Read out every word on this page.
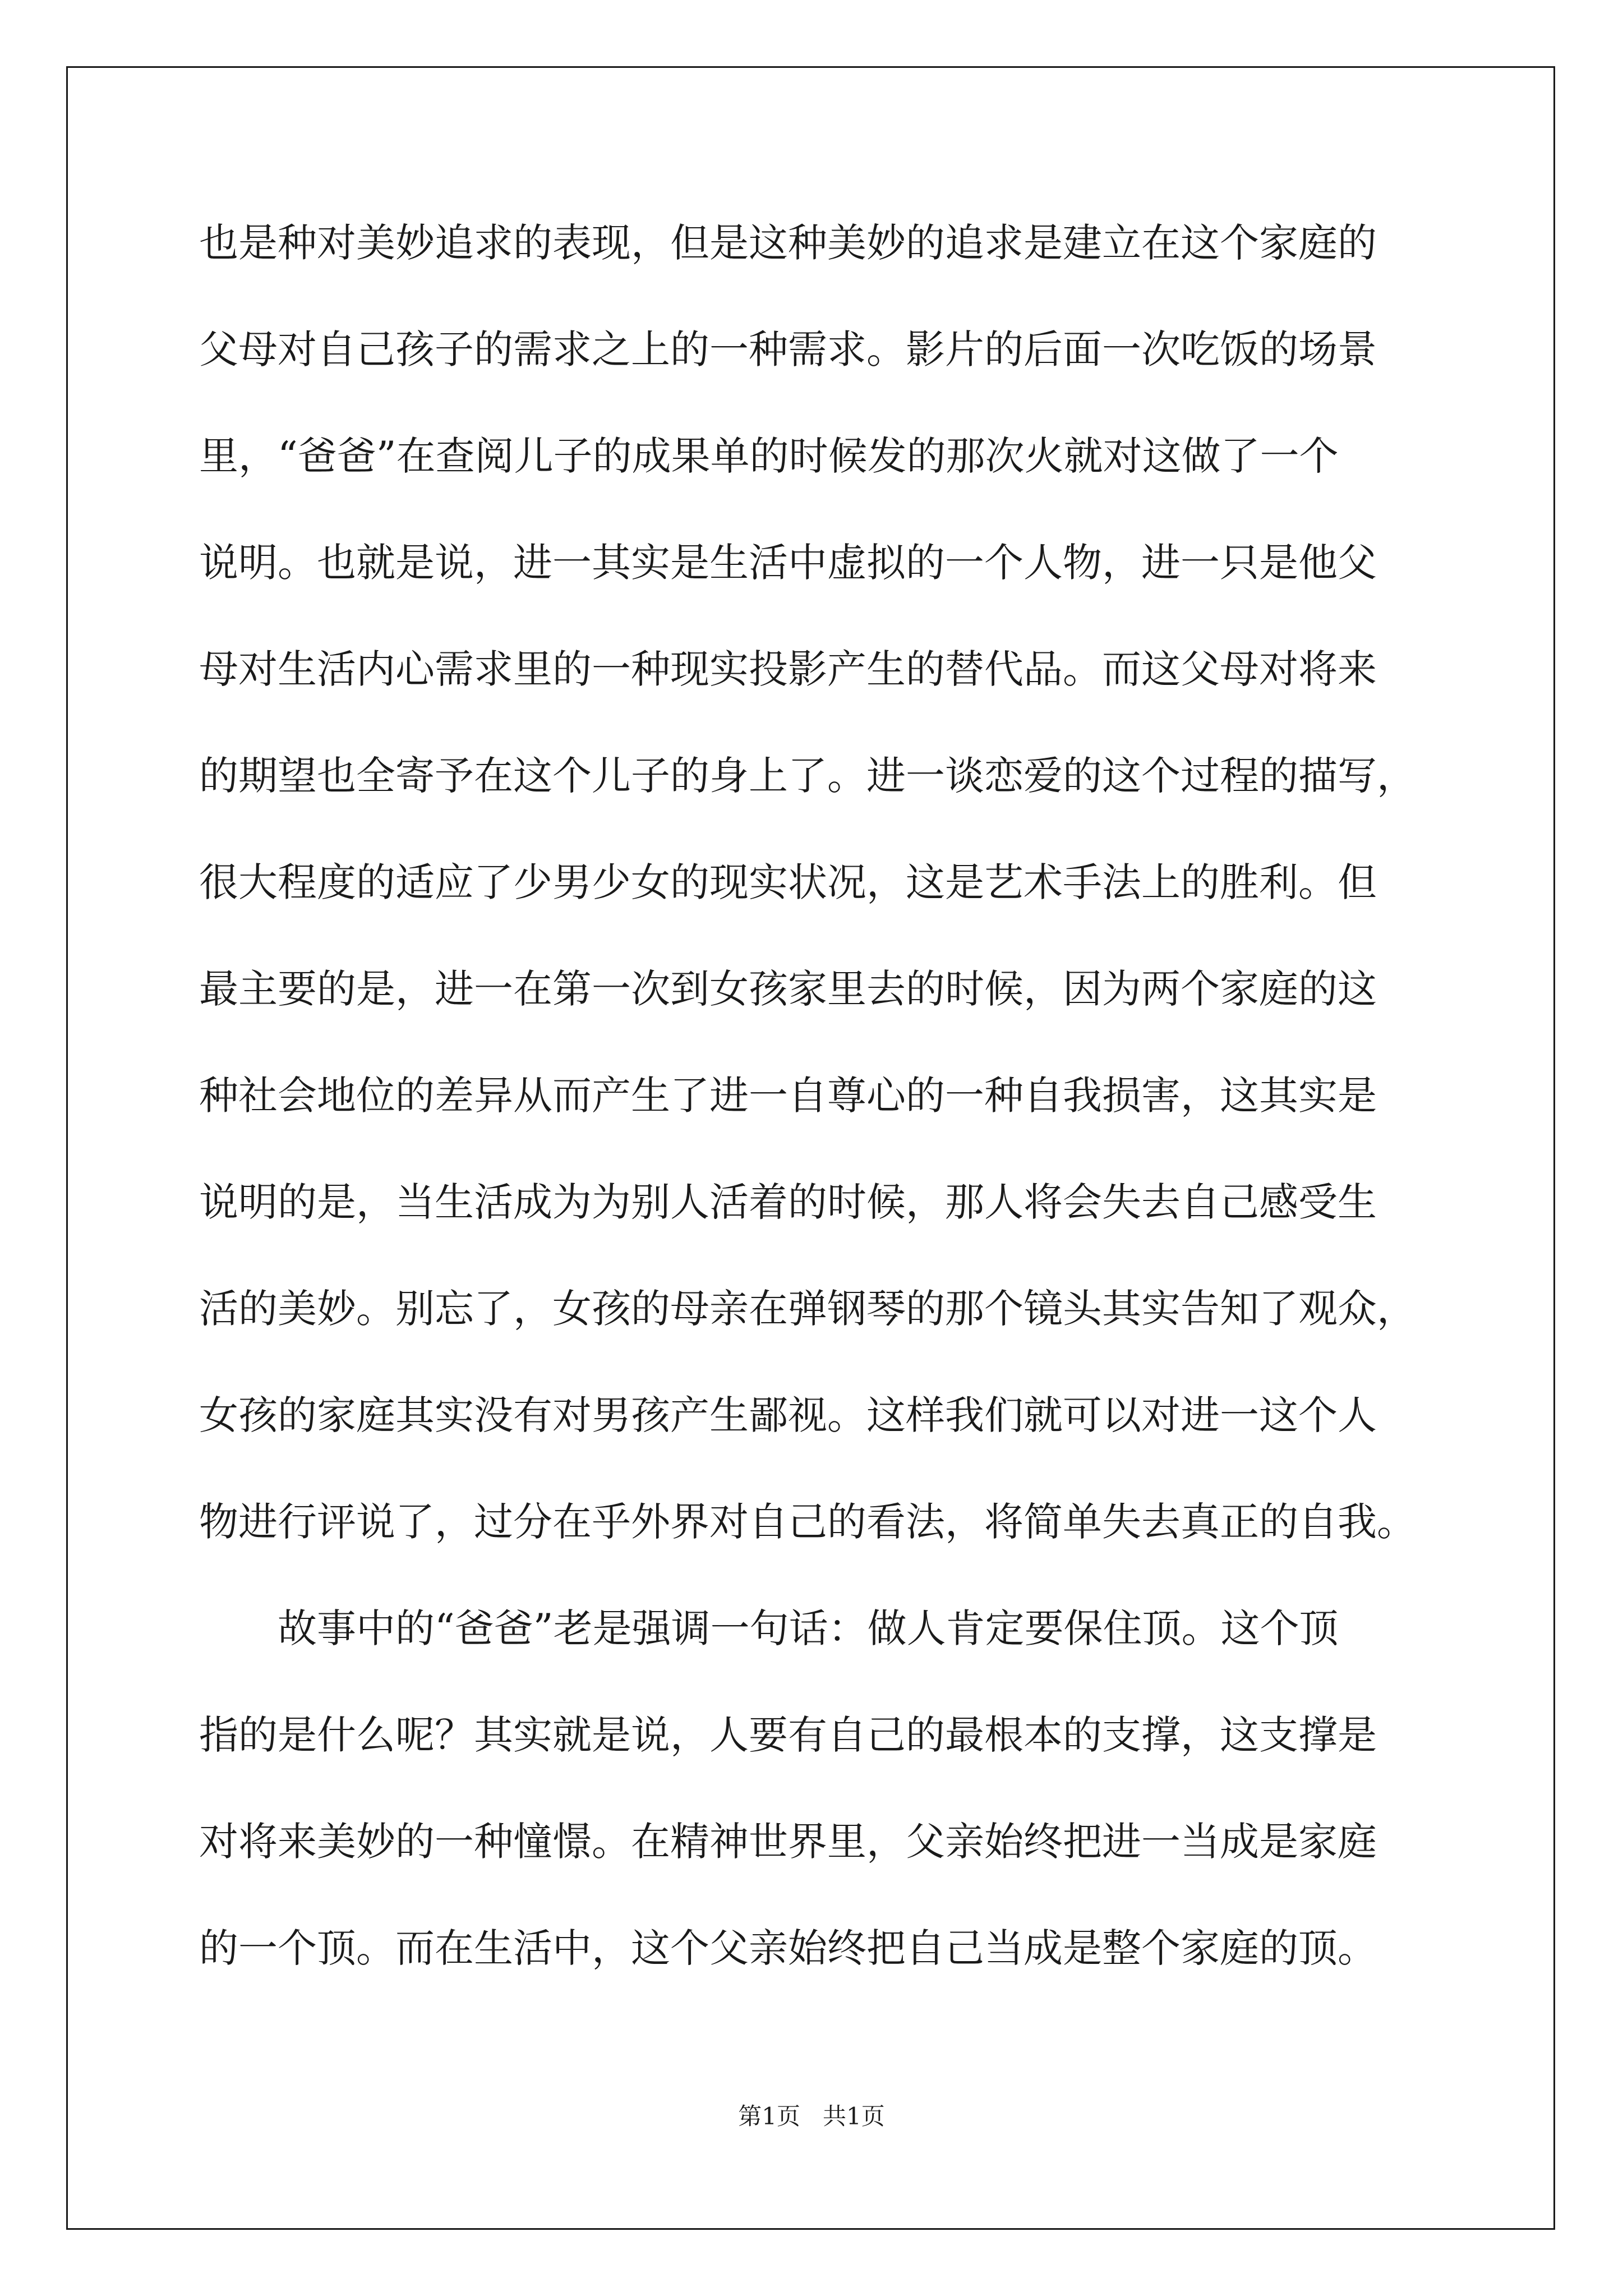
也是种对美妙追求的表现，但是这种美妙的追求是建立在这个家庭的
父母对自己孩子的需求之上的一种需求。影片的后面一次吃饭的场景
里，“爸爸”在查阅儿子的成果单的时候发的那次火就对这做了一个
说明。也就是说，进一其实是生活中虚拟的一个人物，进一只是他父
母对生活内心需求里的一种现实投影产生的替代品。而这父母对将来
的期望也全寄予在这个儿子的身上了。进一谈恋爱的这个过程的描写，
很大程度的适应了少男少女的现实状况，这是艺术手法上的胜利。但
最主要的是，进一在第一次到女孩家里去的时候，因为两个家庭的这
种社会地位的差异从而产生了进一自尊心的一种自我损害，这其实是
说明的是，当生活成为为别人活着的时候，那人将会失去自己感受生
活的美妙。别忘了，女孩的母亲在弹钢琴的那个镜头其实告知了观众，
女孩的家庭其实没有对男孩产生鄙视。这样我们就可以对进一这个人
物进行评说了，过分在乎外界对自己的看法，将简单失去真正的自我。
故事中的“爸爸”老是强调一句话：做人肯定要保住顶。这个顶
指的是什么呢？其实就是说，人要有自己的最根本的支撑，这支撑是
对将来美妙的一种憧憬。在精神世界里，父亲始终把进一当成是家庭
的一个顶。而在生活中，这个父亲始终把自己当成是整个家庭的顶。
第1页   共1页
